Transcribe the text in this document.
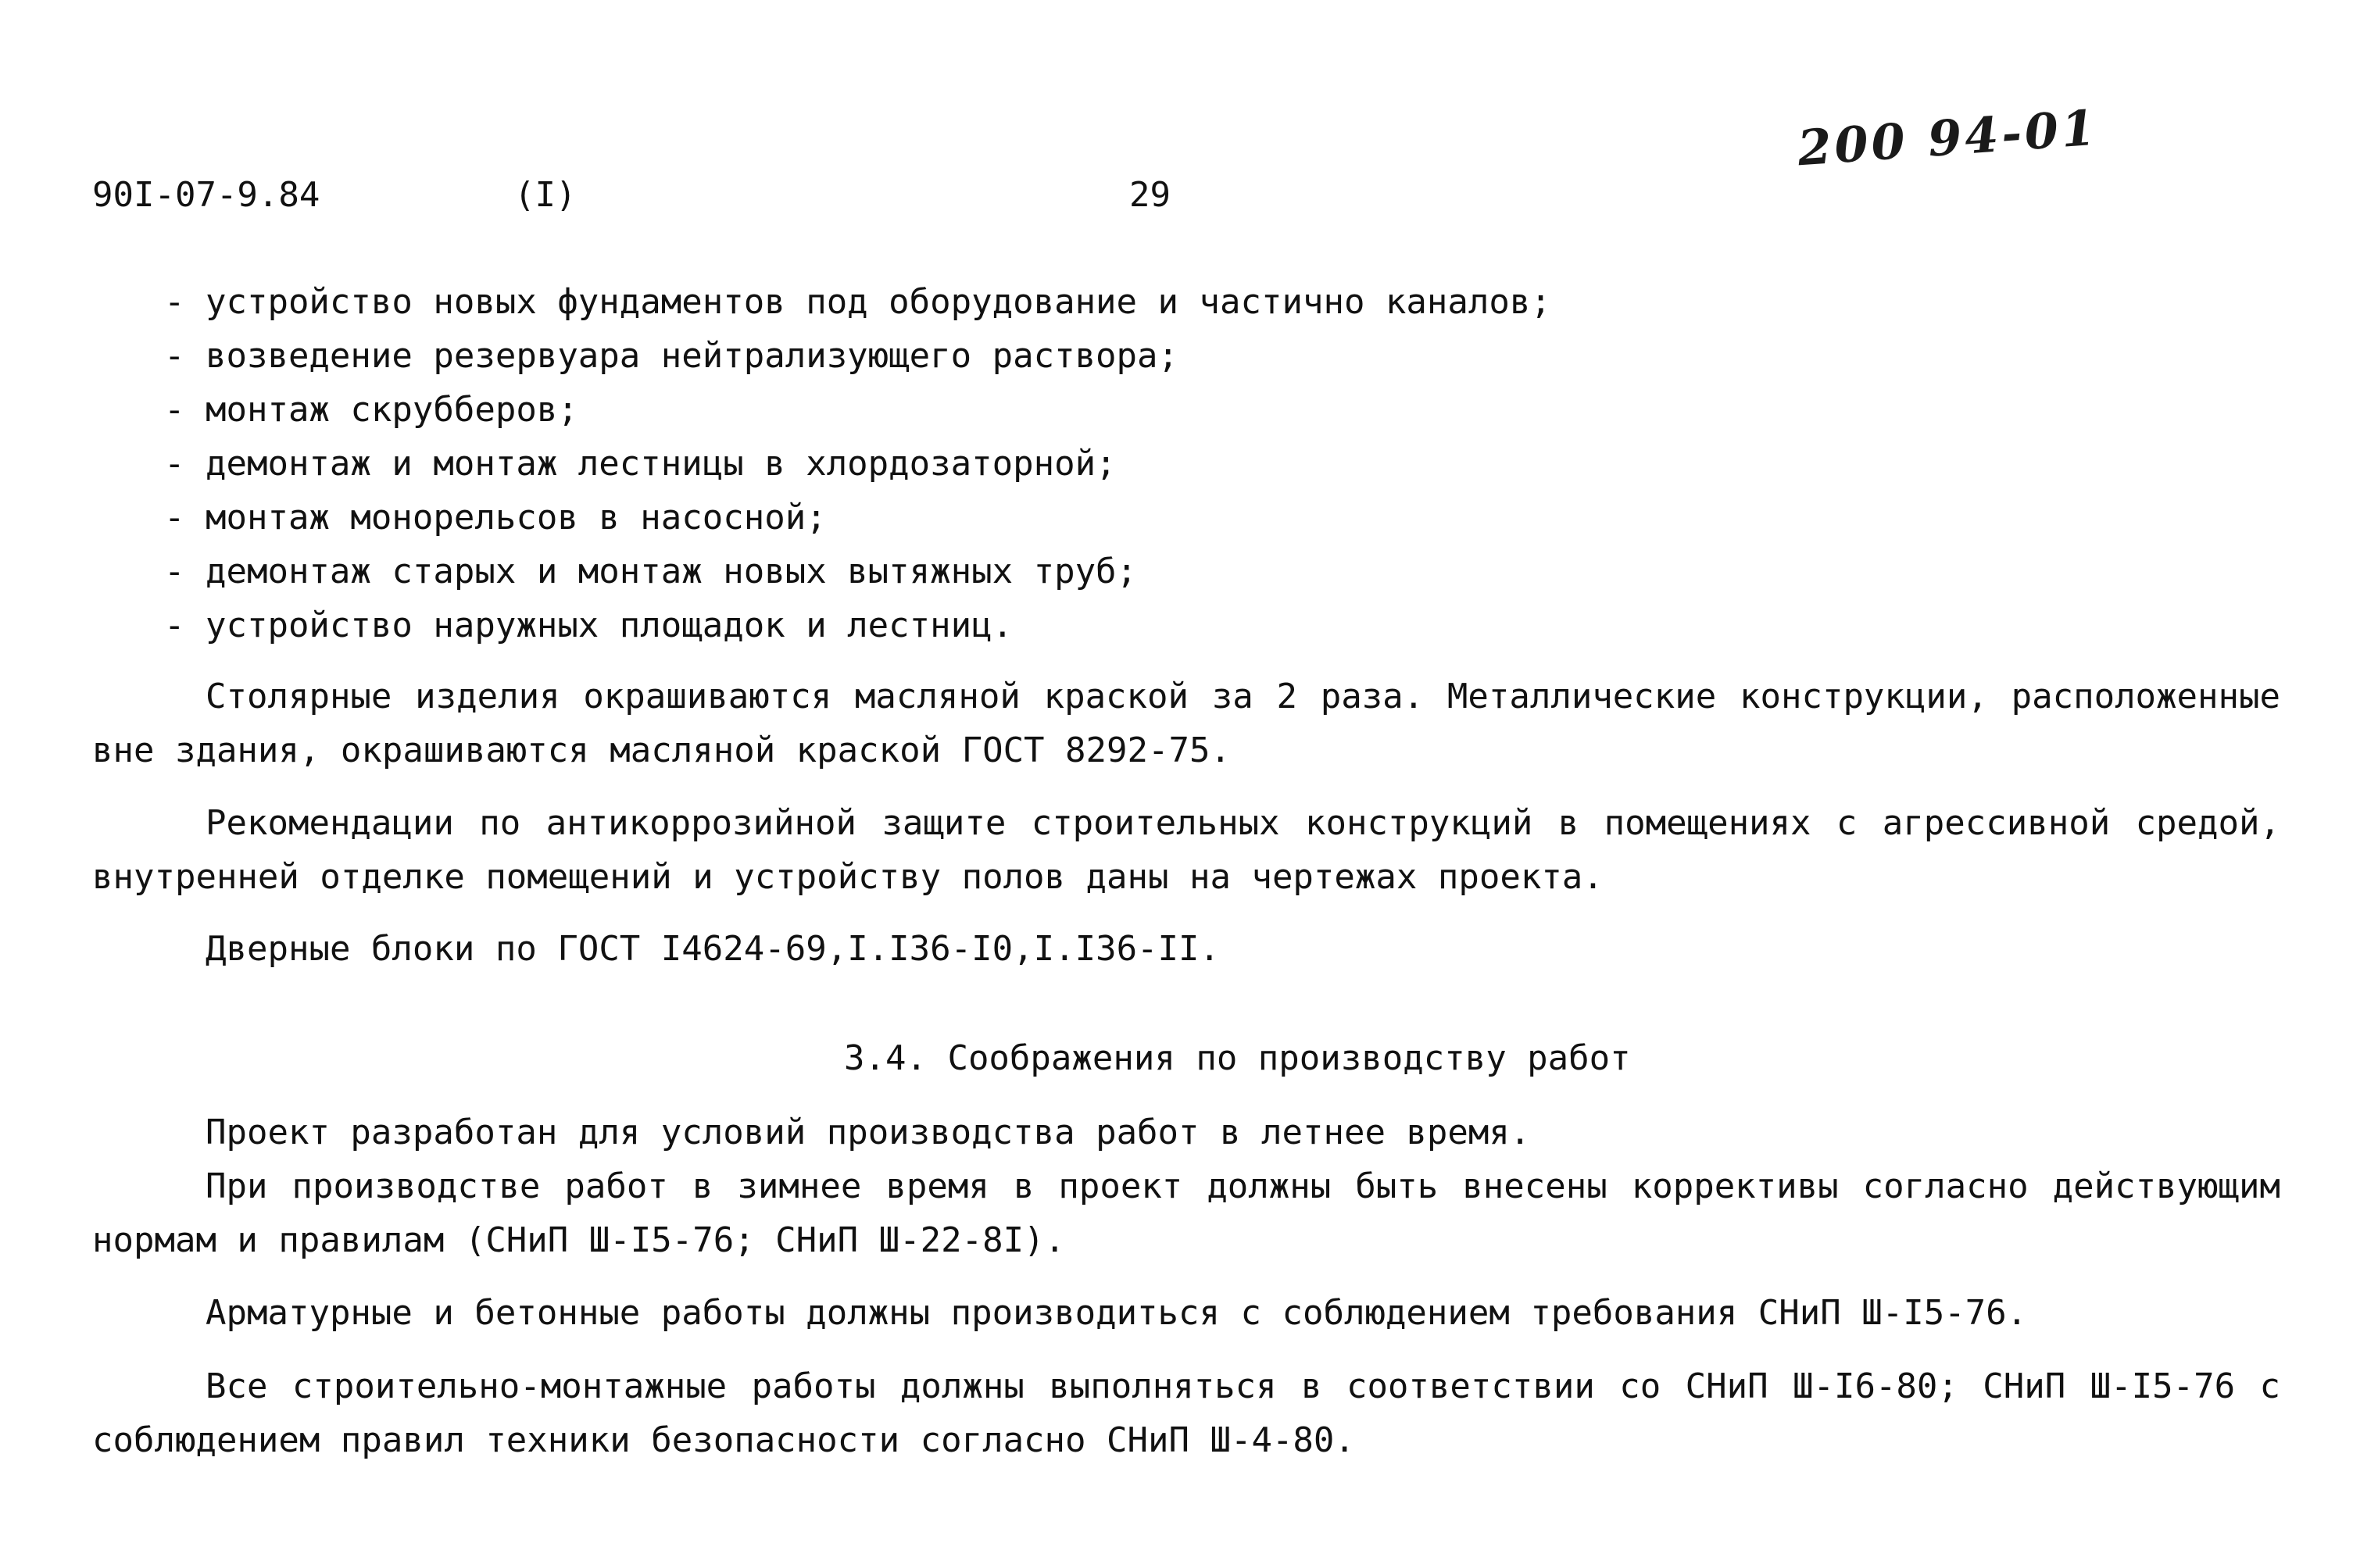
200 94-01
90I-07-9.84	(I)	29
- устройство новых фундаментов под оборудование и частично каналов;
- возведение резервуара нейтрализующего раствора;
- монтаж скрубберов;
- демонтаж и монтаж лестницы в хлордозаторной;
- монтаж монорельсов в насосной;
- демонтаж старых и монтаж новых вытяжных труб;
- устройство наружных площадок и лестниц.

Столярные изделия окрашиваются масляной краской за 2 раза. Металлические конструкции, расположенные вне здания, окрашиваются масляной краской ГОСТ 8292-75.

Рекомендации по антикоррозийной защите строительных конструкций в помещениях с агрессивной средой, внутренней отделке помещений и устройству полов даны на чертежах проекта.

Дверные блоки по ГОСТ I4624-69,I.I36-I0,I.I36-II.

3.4. Соображения по производству работ

Проект разработан для условий производства работ в летнее время.

При производстве работ в зимнее время в проект должны быть внесены коррективы согласно действующим нормам и правилам (СНиП Ш-I5-76; СНиП Ш-22-8I).

Арматурные и бетонные работы должны производиться с соблюдением требования СНиП Ш-I5-76.

Все строительно-монтажные работы должны выполняться в соответствии со СНиП Ш-I6-80; СНиП Ш-I5-76 с соблюдением правил техники безопасности согласно СНиП Ш-4-80.
